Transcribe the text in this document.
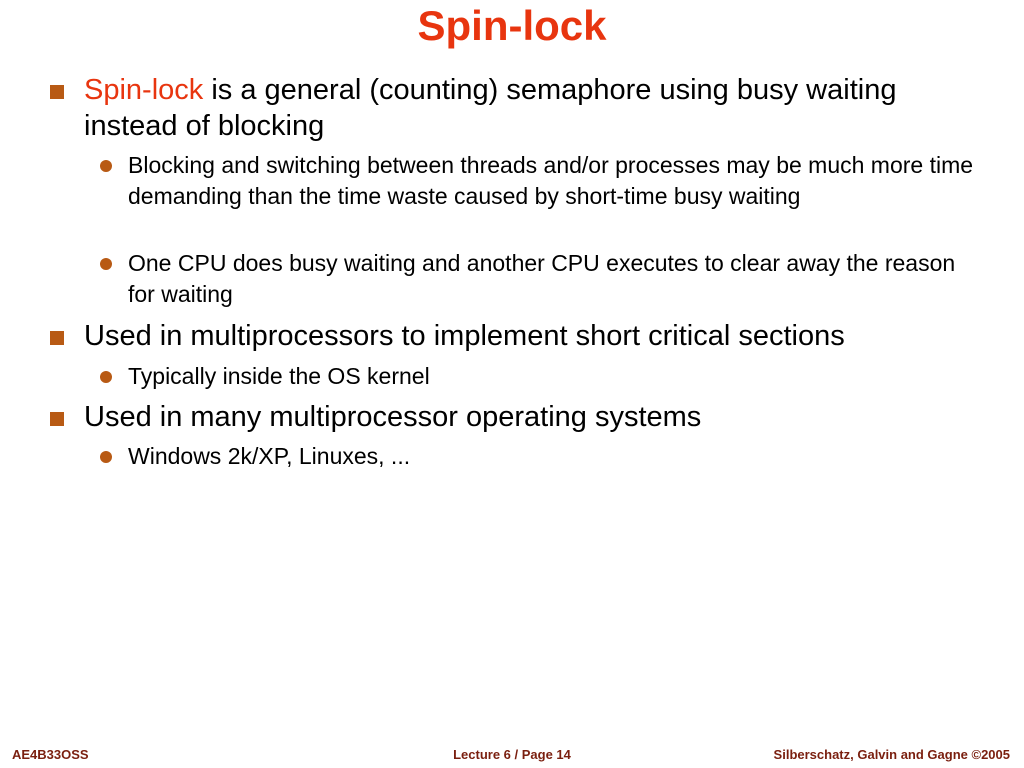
Spin-lock
Spin-lock is a general (counting) semaphore using busy waiting instead of blocking
Blocking and switching between threads and/or processes may be much more time demanding than the time waste caused by short-time busy waiting
One CPU does busy waiting and another CPU executes to clear away the reason for waiting
Used in multiprocessors to implement short critical sections
Typically inside the OS kernel
Used in many multiprocessor operating systems
Windows 2k/XP, Linuxes, ...
AE4B33OSS	Lecture 6 / Page 14	Silberschatz, Galvin and Gagne ©2005
